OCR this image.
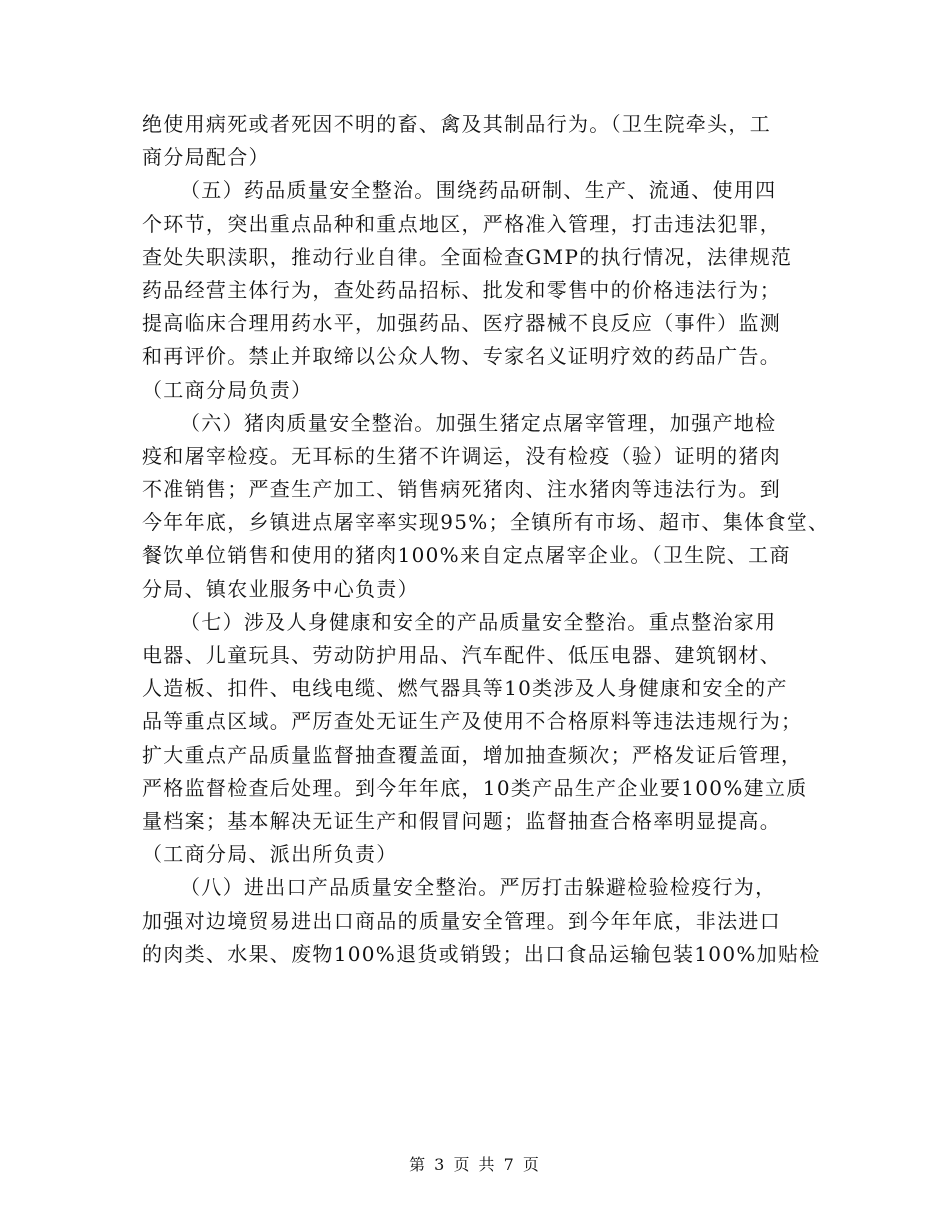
绝使用病死或者死因不明的畜、禽及其制品行为。（卫生院牵头，工
商分局配合）
（五）药品质量安全整治。围绕药品研制、生产、流通、使用四
个环节，突出重点品种和重点地区，严格准入管理，打击违法犯罪，
查处失职渎职，推动行业自律。全面检查GMP的执行情况，法律规范
药品经营主体行为，查处药品招标、批发和零售中的价格违法行为；
提高临床合理用药水平，加强药品、医疗器械不良反应（事件）监测
和再评价。禁止并取缔以公众人物、专家名义证明疗效的药品广告。
（工商分局负责）
（六）猪肉质量安全整治。加强生猪定点屠宰管理，加强产地检
疫和屠宰检疫。无耳标的生猪不许调运，没有检疫（验）证明的猪肉
不准销售；严查生产加工、销售病死猪肉、注水猪肉等违法行为。到
今年年底，乡镇进点屠宰率实现95%；全镇所有市场、超市、集体食堂、
餐饮单位销售和使用的猪肉100%来自定点屠宰企业。（卫生院、工商
分局、镇农业服务中心负责）
（七）涉及人身健康和安全的产品质量安全整治。重点整治家用
电器、儿童玩具、劳动防护用品、汽车配件、低压电器、建筑钢材、
人造板、扣件、电线电缆、燃气器具等10类涉及人身健康和安全的产
品等重点区域。严厉查处无证生产及使用不合格原料等违法违规行为；
扩大重点产品质量监督抽查覆盖面，增加抽查频次；严格发证后管理，
严格监督检查后处理。到今年年底，10类产品生产企业要100%建立质
量档案；基本解决无证生产和假冒问题；监督抽查合格率明显提高。
（工商分局、派出所负责）
（八）进出口产品质量安全整治。严厉打击躲避检验检疫行为，
加强对边境贸易进出口商品的质量安全管理。到今年年底，非法进口
的肉类、水果、废物100%退货或销毁；出口食品运输包装100%加贴检
第 3 页 共 7 页
